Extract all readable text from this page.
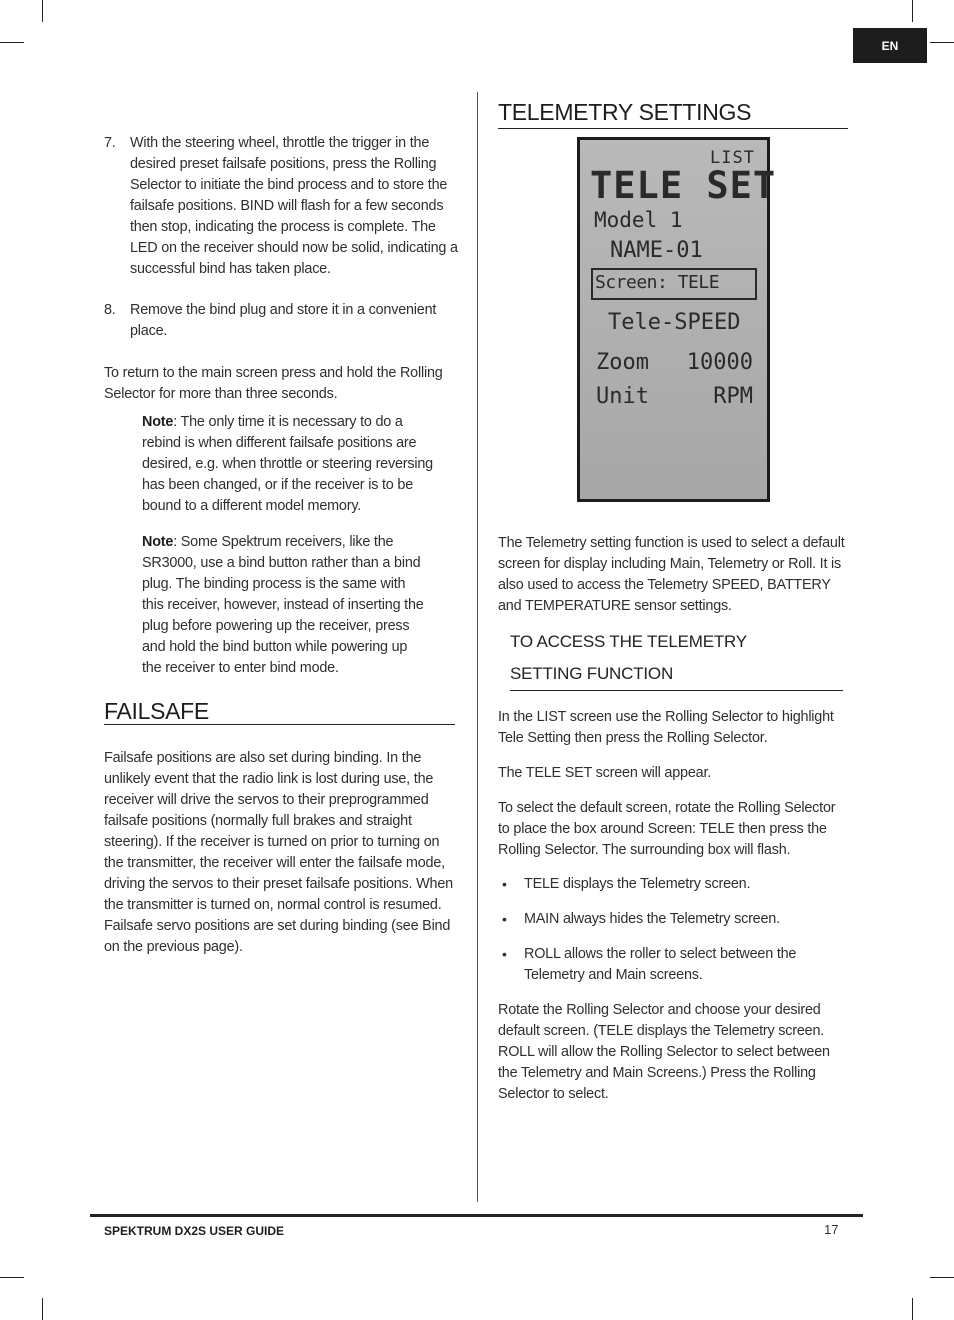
EN
7. With the steering wheel, throttle the trigger in the desired preset failsafe positions, press the Rolling Selector to initiate the bind process and to store the failsafe positions. BIND will flash for a few seconds then stop, indicating the process is complete. The LED on the receiver should now be solid, indicating a successful bind has taken place.
8. Remove the bind plug and store it in a convenient place.
To return to the main screen press and hold the Rolling Selector for more than three seconds.
Note: The only time it is necessary to do a rebind is when different failsafe positions are desired, e.g. when throttle or steering reversing has been changed, or if the receiver is to be bound to a different model memory.
Note: Some Spektrum receivers, like the SR3000, use a bind button rather than a bind plug. The binding process is the same with this receiver, however, instead of inserting the plug before powering up the receiver, press and hold the bind button while powering up the receiver to enter bind mode.
FAILSAFE
Failsafe positions are also set during binding. In the unlikely event that the radio link is lost during use, the receiver will drive the servos to their preprogrammed failsafe positions (normally full brakes and straight steering). If the receiver is turned on prior to turning on the transmitter, the receiver will enter the failsafe mode, driving the servos to their preset failsafe positions. When the transmitter is turned on, normal control is resumed. Failsafe servo positions are set during binding (see Bind on the previous page).
TELEMETRY SETTINGS
LIST
TELE SET
Model 1
NAME-01
Screen: TELE
Tele-SPEED
Zoom 10000
Unit	RPM
The Telemetry setting function is used to select a default screen for display including Main, Telemetry or Roll. It is also used to access the Telemetry SPEED, BATTERY and TEMPERATURE sensor settings.
TO ACCESS THE TELEMETRY
SETTING FUNCTION
In the LIST screen use the Rolling Selector to highlight Tele Setting then press the Rolling Selector.
The TELE SET screen will appear.
To select the default screen, rotate the Rolling Selector to place the box around Screen: TELE then press the Rolling Selector. The surrounding box will flash.
• TELE displays the Telemetry screen.
• MAIN always hides the Telemetry screen.
• ROLL allows the roller to select between the Telemetry and Main screens.
Rotate the Rolling Selector and choose your desired default screen. (TELE displays the Telemetry screen. ROLL will allow the Rolling Selector to select between the Telemetry and Main Screens.) Press the Rolling Selector to select.
SPEKTRUM DX2S USER GUIDE	17
